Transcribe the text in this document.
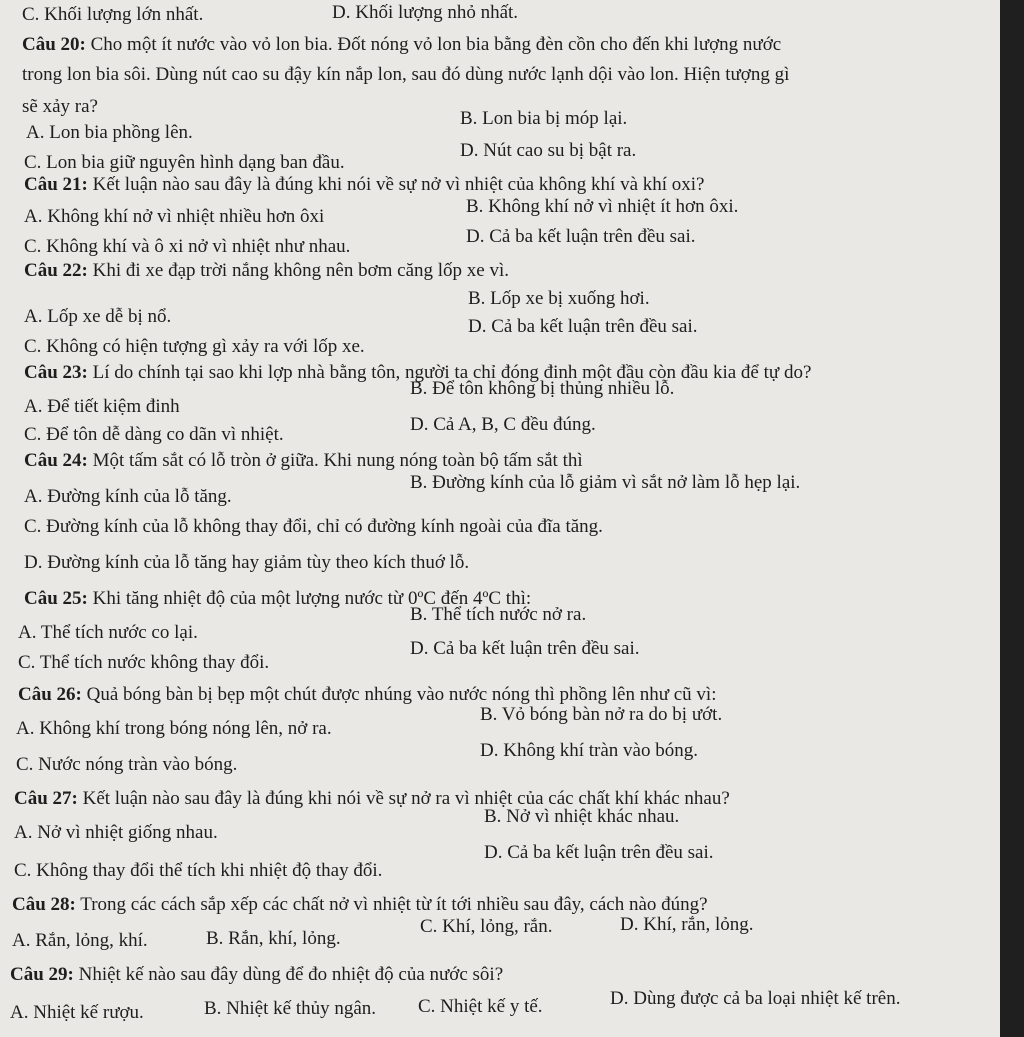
C. Khối lượng lớn nhất.	D. Khối lượng nhỏ nhất.
Câu 20: Cho một ít nước vào vỏ lon bia. Đốt nóng vỏ lon bia bằng đèn cồn cho đến khi lượng nước
trong lon bia sôi. Dùng nút cao su đậy kín nắp lon, sau đó dùng nước lạnh dội vào lon. Hiện tượng gì
sẽ xảy ra?
A. Lon bia phồng lên.
B. Lon bia bị móp lại.
C. Lon bia giữ nguyên hình dạng ban đầu.
D. Nút cao su bị bật ra.
Câu 21: Kết luận nào sau đây là đúng khi nói về sự nở vì nhiệt của không khí và khí oxi?
A. Không khí nở vì nhiệt nhiều hơn ôxi	B. Không khí nở vì nhiệt ít hơn ôxi.
C. Không khí và ô xi nở vì nhiệt như nhau.	D. Cả ba kết luận trên đều sai.
Câu 22: Khi đi xe đạp trời nắng không nên bơm căng lốp xe vì.
A. Lốp xe dễ bị nổ.
B. Lốp xe bị xuống hơi.
C. Không có hiện tượng gì xảy ra với lốp xe.
D. Cả ba kết luận trên đều sai.
Câu 23: Lí do chính tại sao khi lợp nhà bằng tôn, người ta chỉ đóng đinh một đầu còn đầu kia để tự do?
A. Để tiết kiệm đinh
B. Để tôn không bị thủng nhiều lỗ.
C. Để tôn dễ dàng co dãn vì nhiệt.	D. Cả A, B, C đều đúng.
Câu 24: Một tấm sắt có lỗ tròn ở giữa. Khi nung nóng toàn bộ tấm sắt thì
A. Đường kính của lỗ tăng.
B. Đường kính của lỗ giảm vì sắt nở làm lỗ hẹp lại.
C. Đường kính của lỗ không thay đổi, chỉ có đường kính ngoài của đĩa tăng.
D. Đường kính của lỗ tăng hay giảm tùy theo kích thuớ lỗ.
Câu 25: Khi tăng nhiệt độ của một lượng nước từ 0ºC đến 4ºC thì:
A. Thể tích nước co lại.
B. Thể tích nước nở ra.
C. Thể tích nước không thay đổi.
D. Cả ba kết luận trên đều sai.
Câu 26: Quả bóng bàn bị bẹp một chút được nhúng vào nước nóng thì phồng lên như cũ vì:
A. Không khí trong bóng nóng lên, nở ra.
B. Vỏ bóng bàn nở ra do bị ướt.
C. Nước nóng tràn vào bóng.
D. Không khí tràn vào bóng.
Câu 27: Kết luận nào sau đây là đúng khi nói về sự nở ra vì nhiệt của các chất khí khác nhau?
A. Nở vì nhiệt giống nhau.
B. Nở vì nhiệt khác nhau.
C. Không thay đổi thể tích khi nhiệt độ thay đổi.
D. Cả ba kết luận trên đều sai.
Câu 28: Trong các cách sắp xếp các chất nở vì nhiệt từ ít tới nhiều sau đây, cách nào đúng?
A. Rắn, lỏng, khí.	B. Rắn, khí, lỏng.
C. Khí, lỏng, rắn.	D. Khí, rắn, lỏng.
Câu 29: Nhiệt kế nào sau đây dùng để đo nhiệt độ của nước sôi?
A. Nhiệt kế rượu.	B. Nhiệt kế thủy ngân. C. Nhiệt kế y tế.	D. Dùng được cả ba loại nhiệt kế trên.
